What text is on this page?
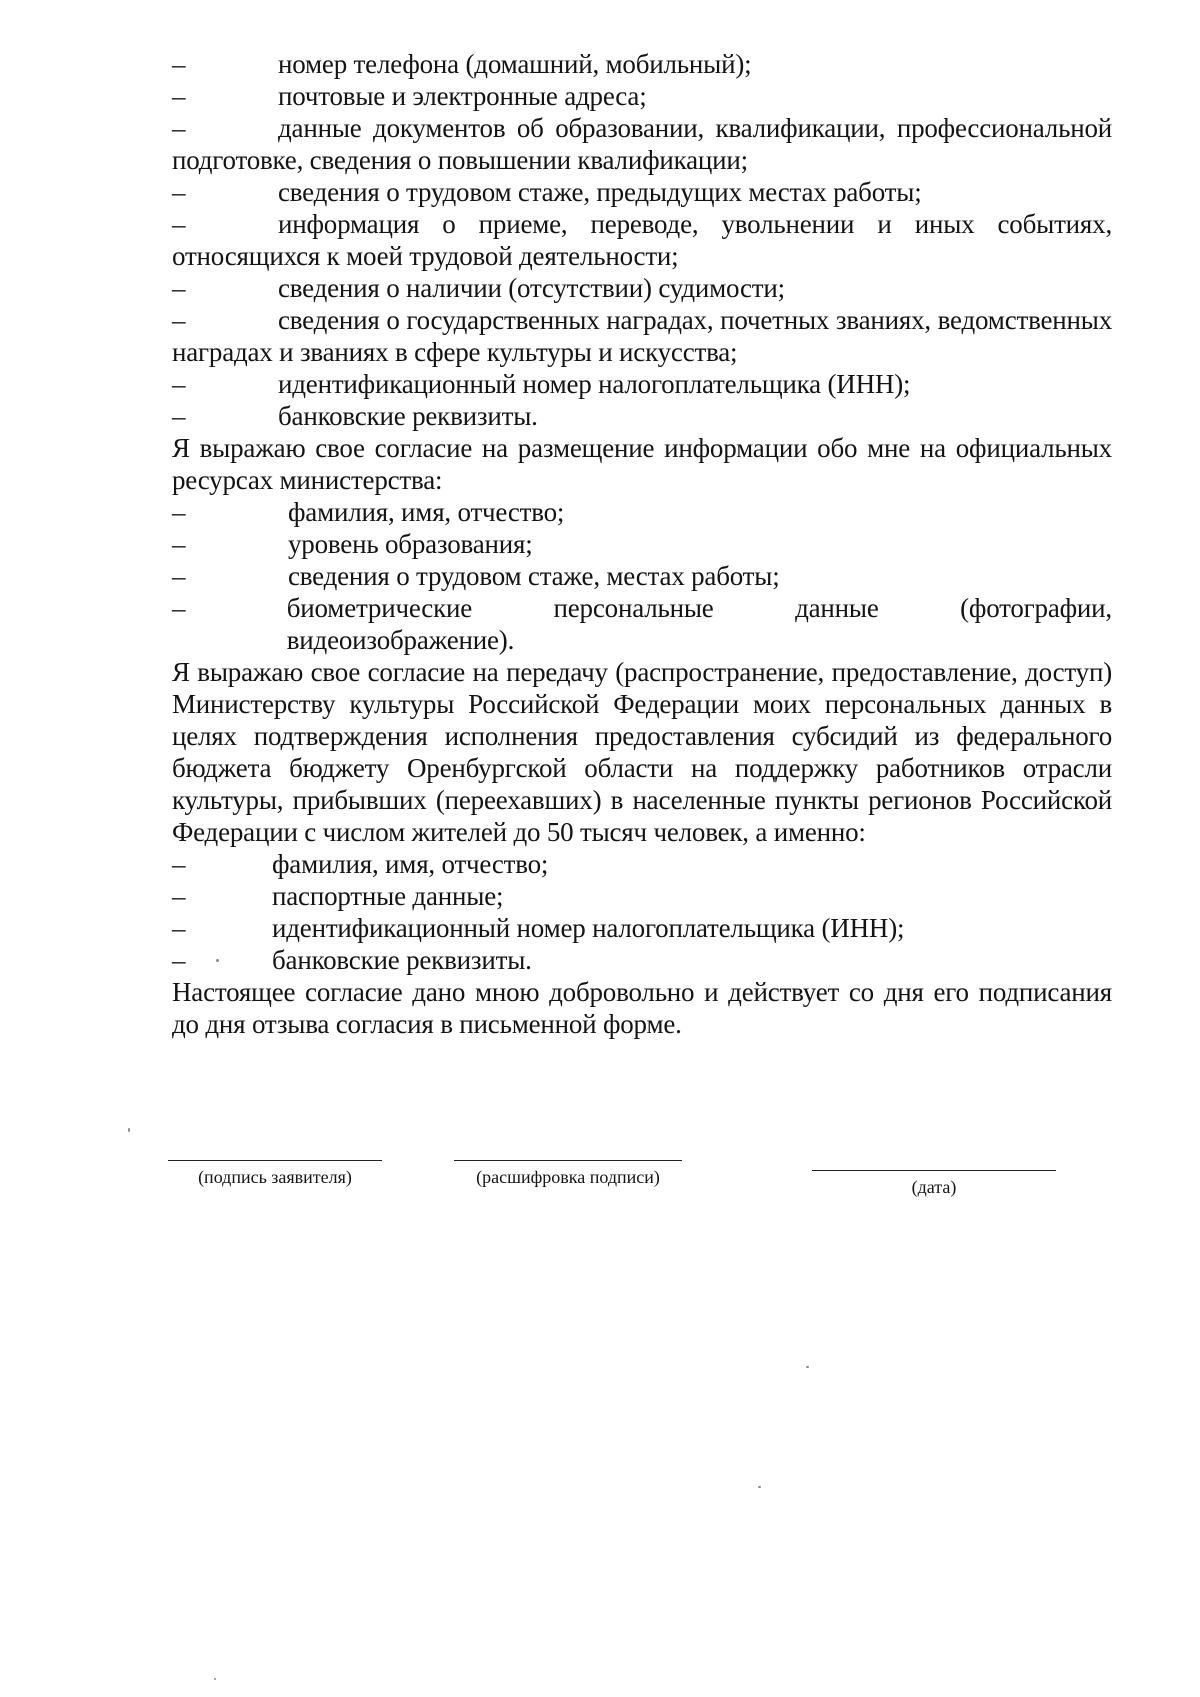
–	номер телефона (домашний, мобильный);
–	почтовые и электронные адреса;
–	данные документов об образовании, квалификации, профессиональной подготовке, сведения о повышении квалификации;
–	сведения о трудовом стаже, предыдущих местах работы;
–	информация о приеме, переводе, увольнении и иных событиях, относящихся к моей трудовой деятельности;
–	сведения о наличии (отсутствии) судимости;
–	сведения о государственных наградах, почетных званиях, ведомственных наградах и званиях в сфере культуры и искусства;
–	идентификационный номер налогоплательщика (ИНН);
–	банковские реквизиты.
Я выражаю свое согласие на размещение информации обо мне на официальных ресурсах министерства:
–	фамилия, имя, отчество;
–	уровень образования;
–	сведения о трудовом стаже, местах работы;
–	биометрические персональные данные (фотографии, видеоизображение).
Я выражаю свое согласие на передачу (распространение, предоставление, доступ) Министерству культуры Российской Федерации моих персональных данных в целях подтверждения исполнения предоставления субсидий из федерального бюджета бюджету Оренбургской области на поддержку работников отрасли культуры, прибывших (переехавших) в населенные пункты регионов Российской Федерации с числом жителей до 50 тысяч человек, а именно:
–	фамилия, имя, отчество;
–	паспортные данные;
–	идентификационный номер налогоплательщика (ИНН);
–	банковские реквизиты.
Настоящее согласие дано мною добровольно и действует со дня его подписания до дня отзыва согласия в письменной форме.
(подпись заявителя)	(расшифровка подписи)	(дата)
